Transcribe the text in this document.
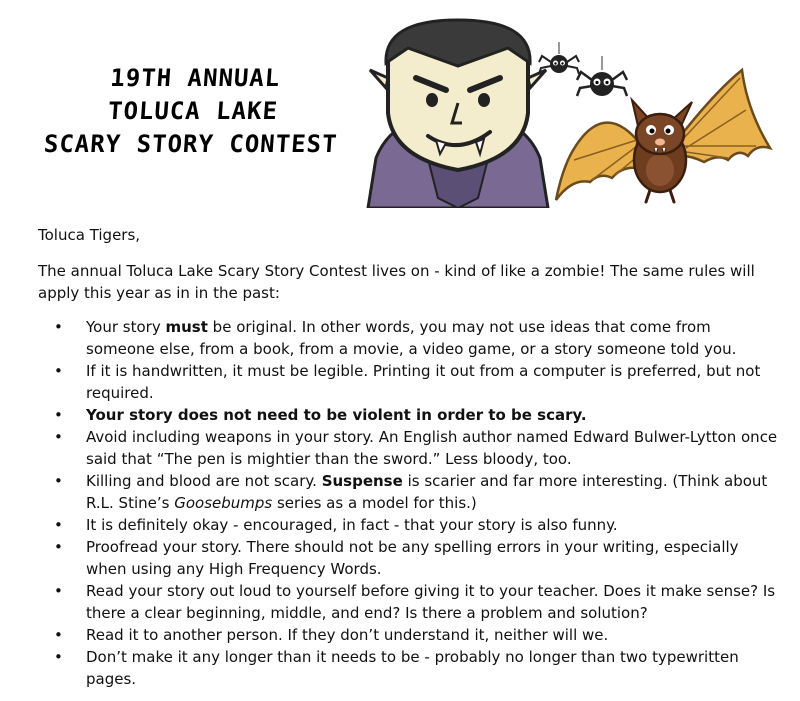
19TH ANNUAL
TOLUCA LAKE
SCARY STORY CONTEST

Toluca Tigers,

The annual Toluca Lake Scary Story Contest lives on - kind of like a zombie! The same rules will apply this year as in in the past:

• Your story must be original. In other words, you may not use ideas that come from someone else, from a book, from a movie, a video game, or a story someone told you.
• If it is handwritten, it must be legible. Printing it out from a computer is preferred, but not required.
• Your story does not need to be violent in order to be scary.
• Avoid including weapons in your story. An English author named Edward Bulwer-Lytton once said that “The pen is mightier than the sword.” Less bloody, too.
• Killing and blood are not scary. Suspense is scarier and far more interesting. (Think about R.L. Stine’s Goosebumps series as a model for this.)
• It is definitely okay - encouraged, in fact - that your story is also funny.
• Proofread your story. There should not be any spelling errors in your writing, especially when using any High Frequency Words.
• Read your story out loud to yourself before giving it to your teacher. Does it make sense? Is there a clear beginning, middle, and end? Is there a problem and solution?
• Read it to another person. If they don’t understand it, neither will we.
• Don’t make it any longer than it needs to be - probably no longer than two typewritten pages.
